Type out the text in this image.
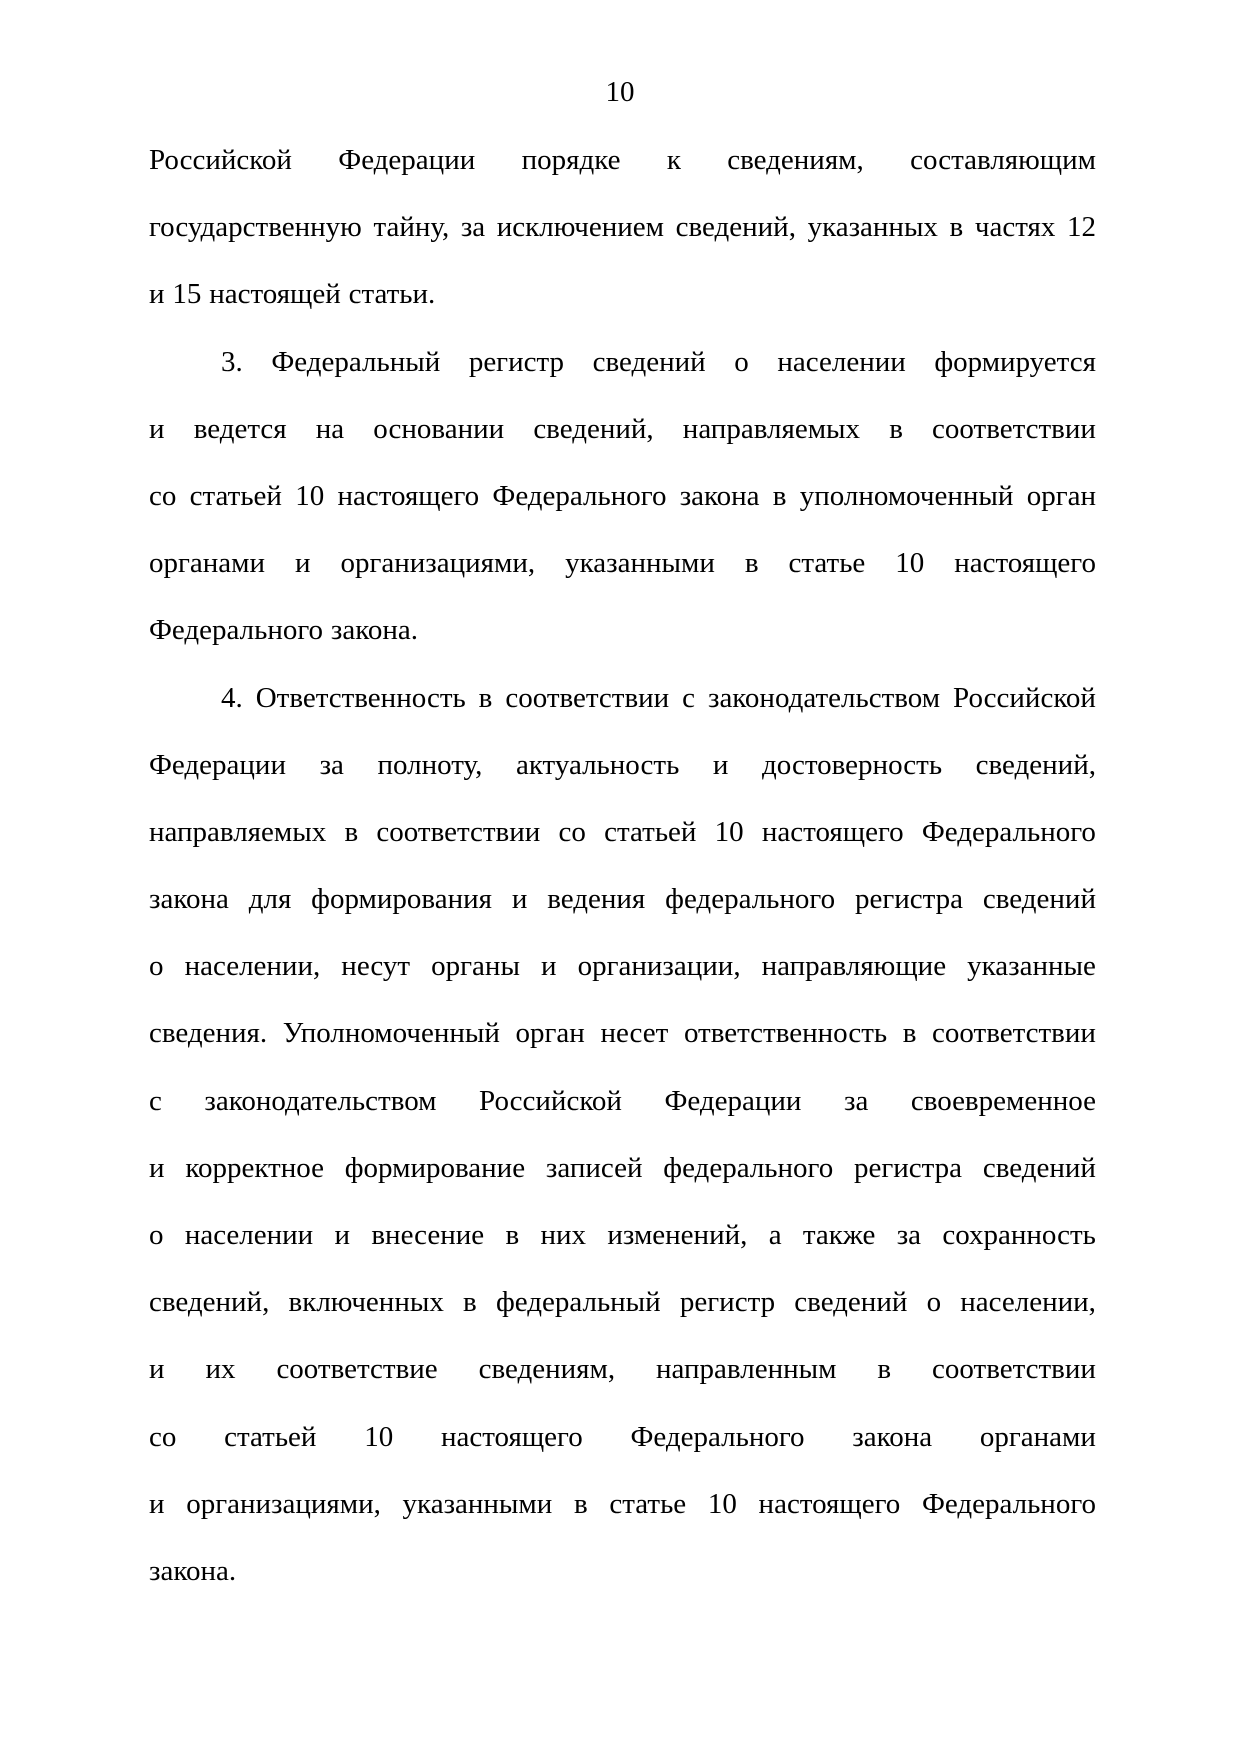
10
Российской Федерации порядке к сведениям, составляющим
государственную тайну, за исключением сведений, указанных в частях 12
и 15 настоящей статьи.
3. Федеральный регистр сведений о населении формируется
и ведется на основании сведений, направляемых в соответствии
со статьей 10 настоящего Федерального закона в уполномоченный орган
органами и организациями, указанными в статье 10 настоящего
Федерального закона.
4. Ответственность в соответствии с законодательством Российской
Федерации за полноту, актуальность и достоверность сведений,
направляемых в соответствии со статьей 10 настоящего Федерального
закона для формирования и ведения федерального регистра сведений
о населении, несут органы и организации, направляющие указанные
сведения. Уполномоченный орган несет ответственность в соответствии
с законодательством Российской Федерации за своевременное
и корректное формирование записей федерального регистра сведений
о населении и внесение в них изменений, а также за сохранность
сведений, включенных в федеральный регистр сведений о населении,
и их соответствие сведениям, направленным в соответствии
со статьей 10 настоящего Федерального закона органами
и организациями, указанными в статье 10 настоящего Федерального
закона.
